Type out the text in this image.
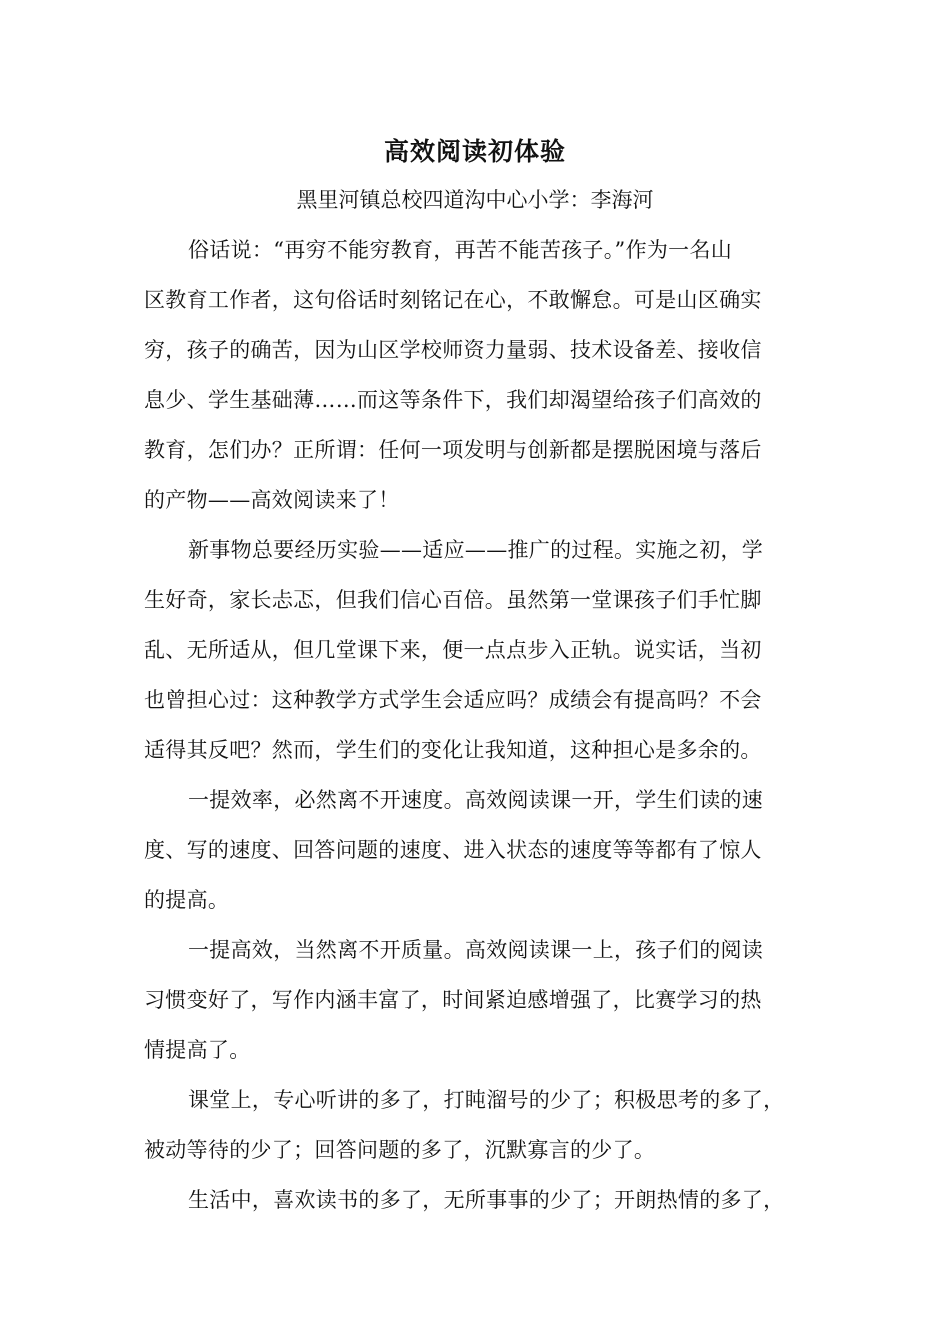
高效阅读初体验
黑里河镇总校四道沟中心小学：李海河
俗话说：“再穷不能穷教育，再苦不能苦孩子。”作为一名山
区教育工作者，这句俗话时刻铭记在心，不敢懈怠。可是山区确实
穷，孩子的确苦，因为山区学校师资力量弱、技术设备差、接收信
息少、学生基础薄……而这等条件下，我们却渴望给孩子们高效的
教育，怎们办？正所谓：任何一项发明与创新都是摆脱困境与落后
的产物——高效阅读来了！
新事物总要经历实验——适应——推广的过程。实施之初，学
生好奇，家长忐忑，但我们信心百倍。虽然第一堂课孩子们手忙脚
乱、无所适从，但几堂课下来，便一点点步入正轨。说实话，当初
也曾担心过：这种教学方式学生会适应吗？成绩会有提高吗？不会
适得其反吧？然而，学生们的变化让我知道，这种担心是多余的。
一提效率，必然离不开速度。高效阅读课一开，学生们读的速
度、写的速度、回答问题的速度、进入状态的速度等等都有了惊人
的提高。
一提高效，当然离不开质量。高效阅读课一上，孩子们的阅读
习惯变好了，写作内涵丰富了，时间紧迫感增强了，比赛学习的热
情提高了。
课堂上，专心听讲的多了，打盹溜号的少了；积极思考的多了，
被动等待的少了；回答问题的多了，沉默寡言的少了。
生活中，喜欢读书的多了，无所事事的少了；开朗热情的多了，
